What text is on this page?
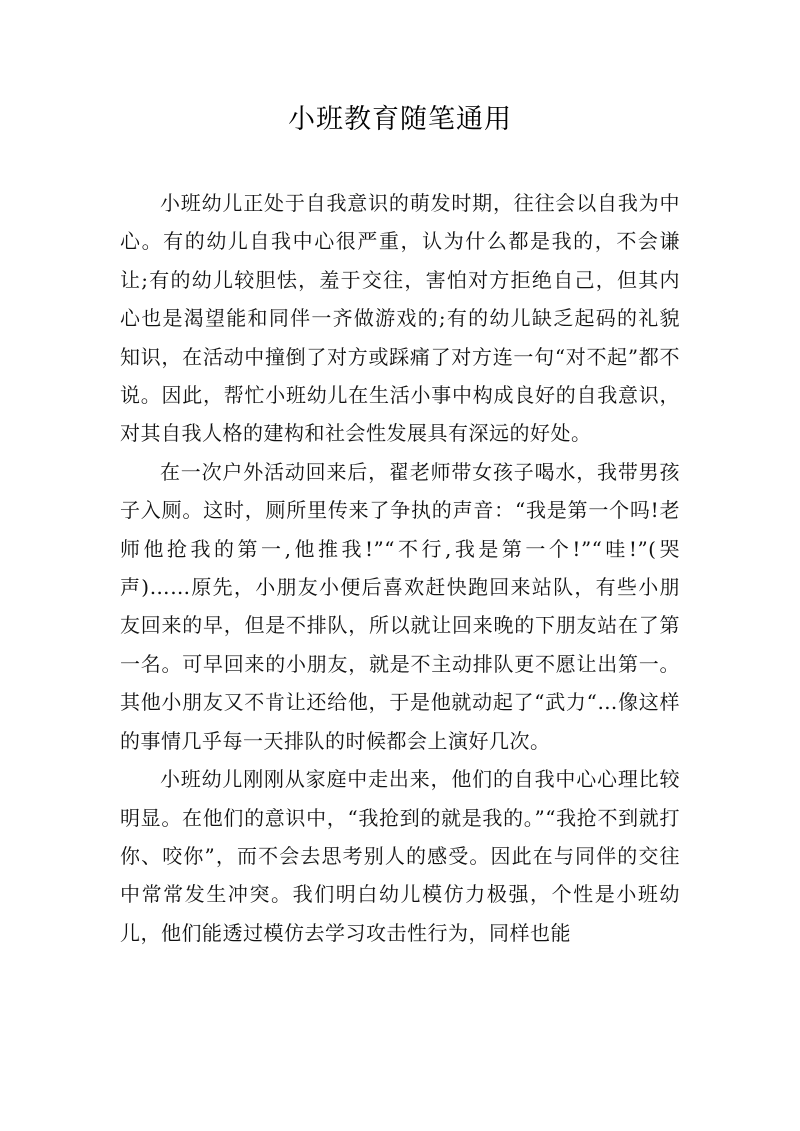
小班教育随笔通用

小班幼儿正处于自我意识的萌发时期，往往会以自我为中心。有的幼儿自我中心很严重，认为什么都是我的，不会谦让;有的幼儿较胆怯，羞于交往，害怕对方拒绝自己，但其内心也是渴望能和同伴一齐做游戏的;有的幼儿缺乏起码的礼貌知识，在活动中撞倒了对方或踩痛了对方连一句“对不起”都不说。因此，帮忙小班幼儿在生活小事中构成良好的自我意识，对其自我人格的建构和社会性发展具有深远的好处。

在一次户外活动回来后，翟老师带女孩子喝水，我带男孩子入厕。这时，厕所里传来了争执的声音：“我是第一个吗!老师他抢我的第一,他推我!”“不行,我是第一个!”“哇!”(哭声)……原先，小朋友小便后喜欢赶快跑回来站队，有些小朋友回来的早，但是不排队，所以就让回来晚的下朋友站在了第一名。可早回来的小朋友，就是不主动排队更不愿让出第一。其他小朋友又不肯让还给他，于是他就动起了“武力“…像这样的事情几乎每一天排队的时候都会上演好几次。

小班幼儿刚刚从家庭中走出来，他们的自我中心心理比较明显。在他们的意识中，“我抢到的就是我的。”“我抢不到就打你、咬你”，而不会去思考别人的感受。因此在与同伴的交往中常常发生冲突。我们明白幼儿模仿力极强，个性是小班幼儿，他们能透过模仿去学习攻击性行为，同样也能
